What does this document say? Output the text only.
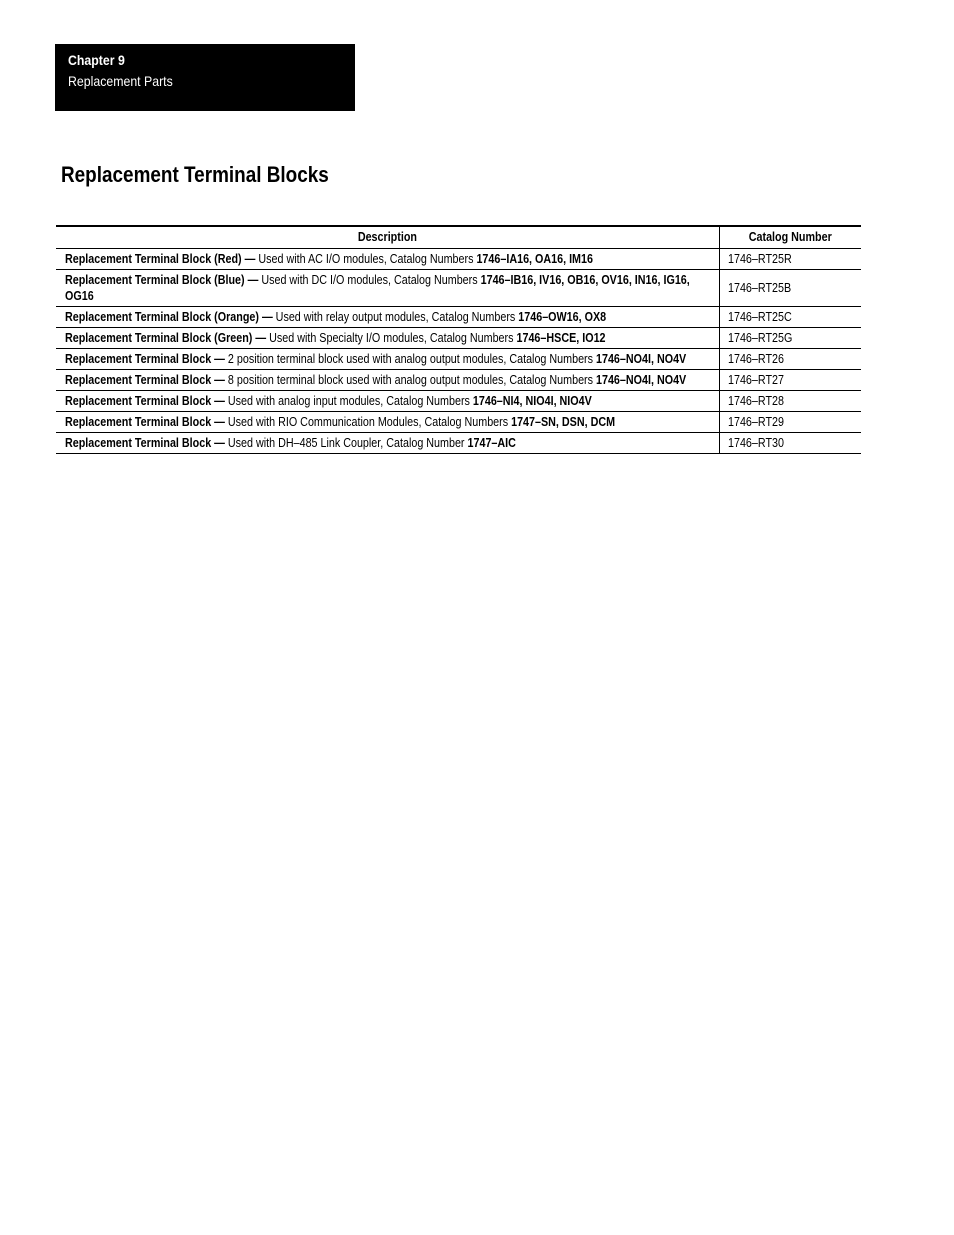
Chapter 9
Replacement Parts
Replacement Terminal Blocks
Description	Catalog Number
Replacement Terminal Block (Red) — Used with AC I/O modules, Catalog Numbers 1746–IA16, OA16, IM16	1746–RT25R
Replacement Terminal Block (Blue) — Used with DC I/O modules, Catalog Numbers 1746–IB16, IV16, OB16, OV16, IN16, IG16, OG16	1746–RT25B
Replacement Terminal Block (Orange) — Used with relay output modules, Catalog Numbers 1746–OW16, OX8	1746–RT25C
Replacement Terminal Block (Green) — Used with Specialty I/O modules, Catalog Numbers 1746–HSCE, IO12	1746–RT25G
Replacement Terminal Block — 2 position terminal block used with analog output modules, Catalog Numbers 1746–NO4I, NO4V	1746–RT26
Replacement Terminal Block — 8 position terminal block used with analog output modules, Catalog Numbers 1746–NO4I, NO4V	1746–RT27
Replacement Terminal Block — Used with analog input modules, Catalog Numbers 1746–NI4, NIO4I, NIO4V	1746–RT28
Replacement Terminal Block — Used with RIO Communication Modules, Catalog Numbers 1747–SN, DSN, DCM	1746–RT29
Replacement Terminal Block — Used with DH–485 Link Coupler, Catalog Number 1747–AIC	1746–RT30
